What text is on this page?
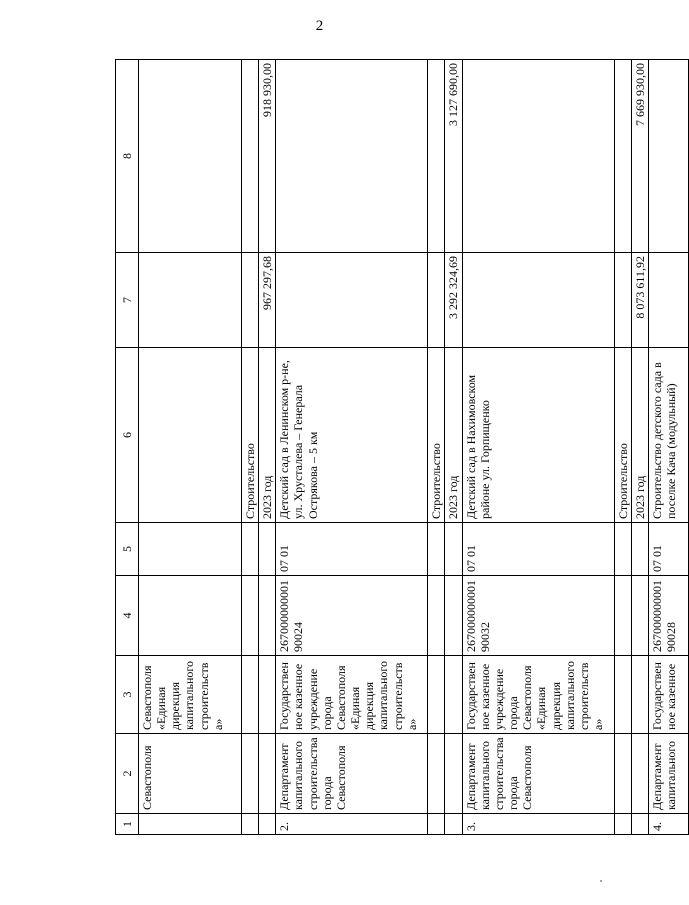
2
1	2	3	4	5	6	7	8
	Севастополя	Севастополя «Единая дирекция капитального строительства»					
					Строительство		
					2023 год	967 297,68	918 930,00
2.	Департамент капитального строительства города Севастополя	Государственное казенное учреждение города Севастополя «Единая дирекция капитального строительства»	26700000000190024	07 01	Детский сад в Ленинском р-не, ул. Хрусталева – Генерала Острякова – 5 км		
					Строительство		
					2023 год	3 292 324,69	3 127 690,00
3.	Департамент капитального строительства города Севастополя	Государственное казенное учреждение города Севастополя «Единая дирекция капитального строительства»	26700000000190032	07 01	Детский сад в Нахимовском районе ул. Горпищенко		
					Строительство		
					2023 год	8 073 611,92	7 669 930,00
4.	Департамент капитального	Государственное казенное	26700000000190028	07 01	Строительство детского сада в поселке Кача (модульный)		
